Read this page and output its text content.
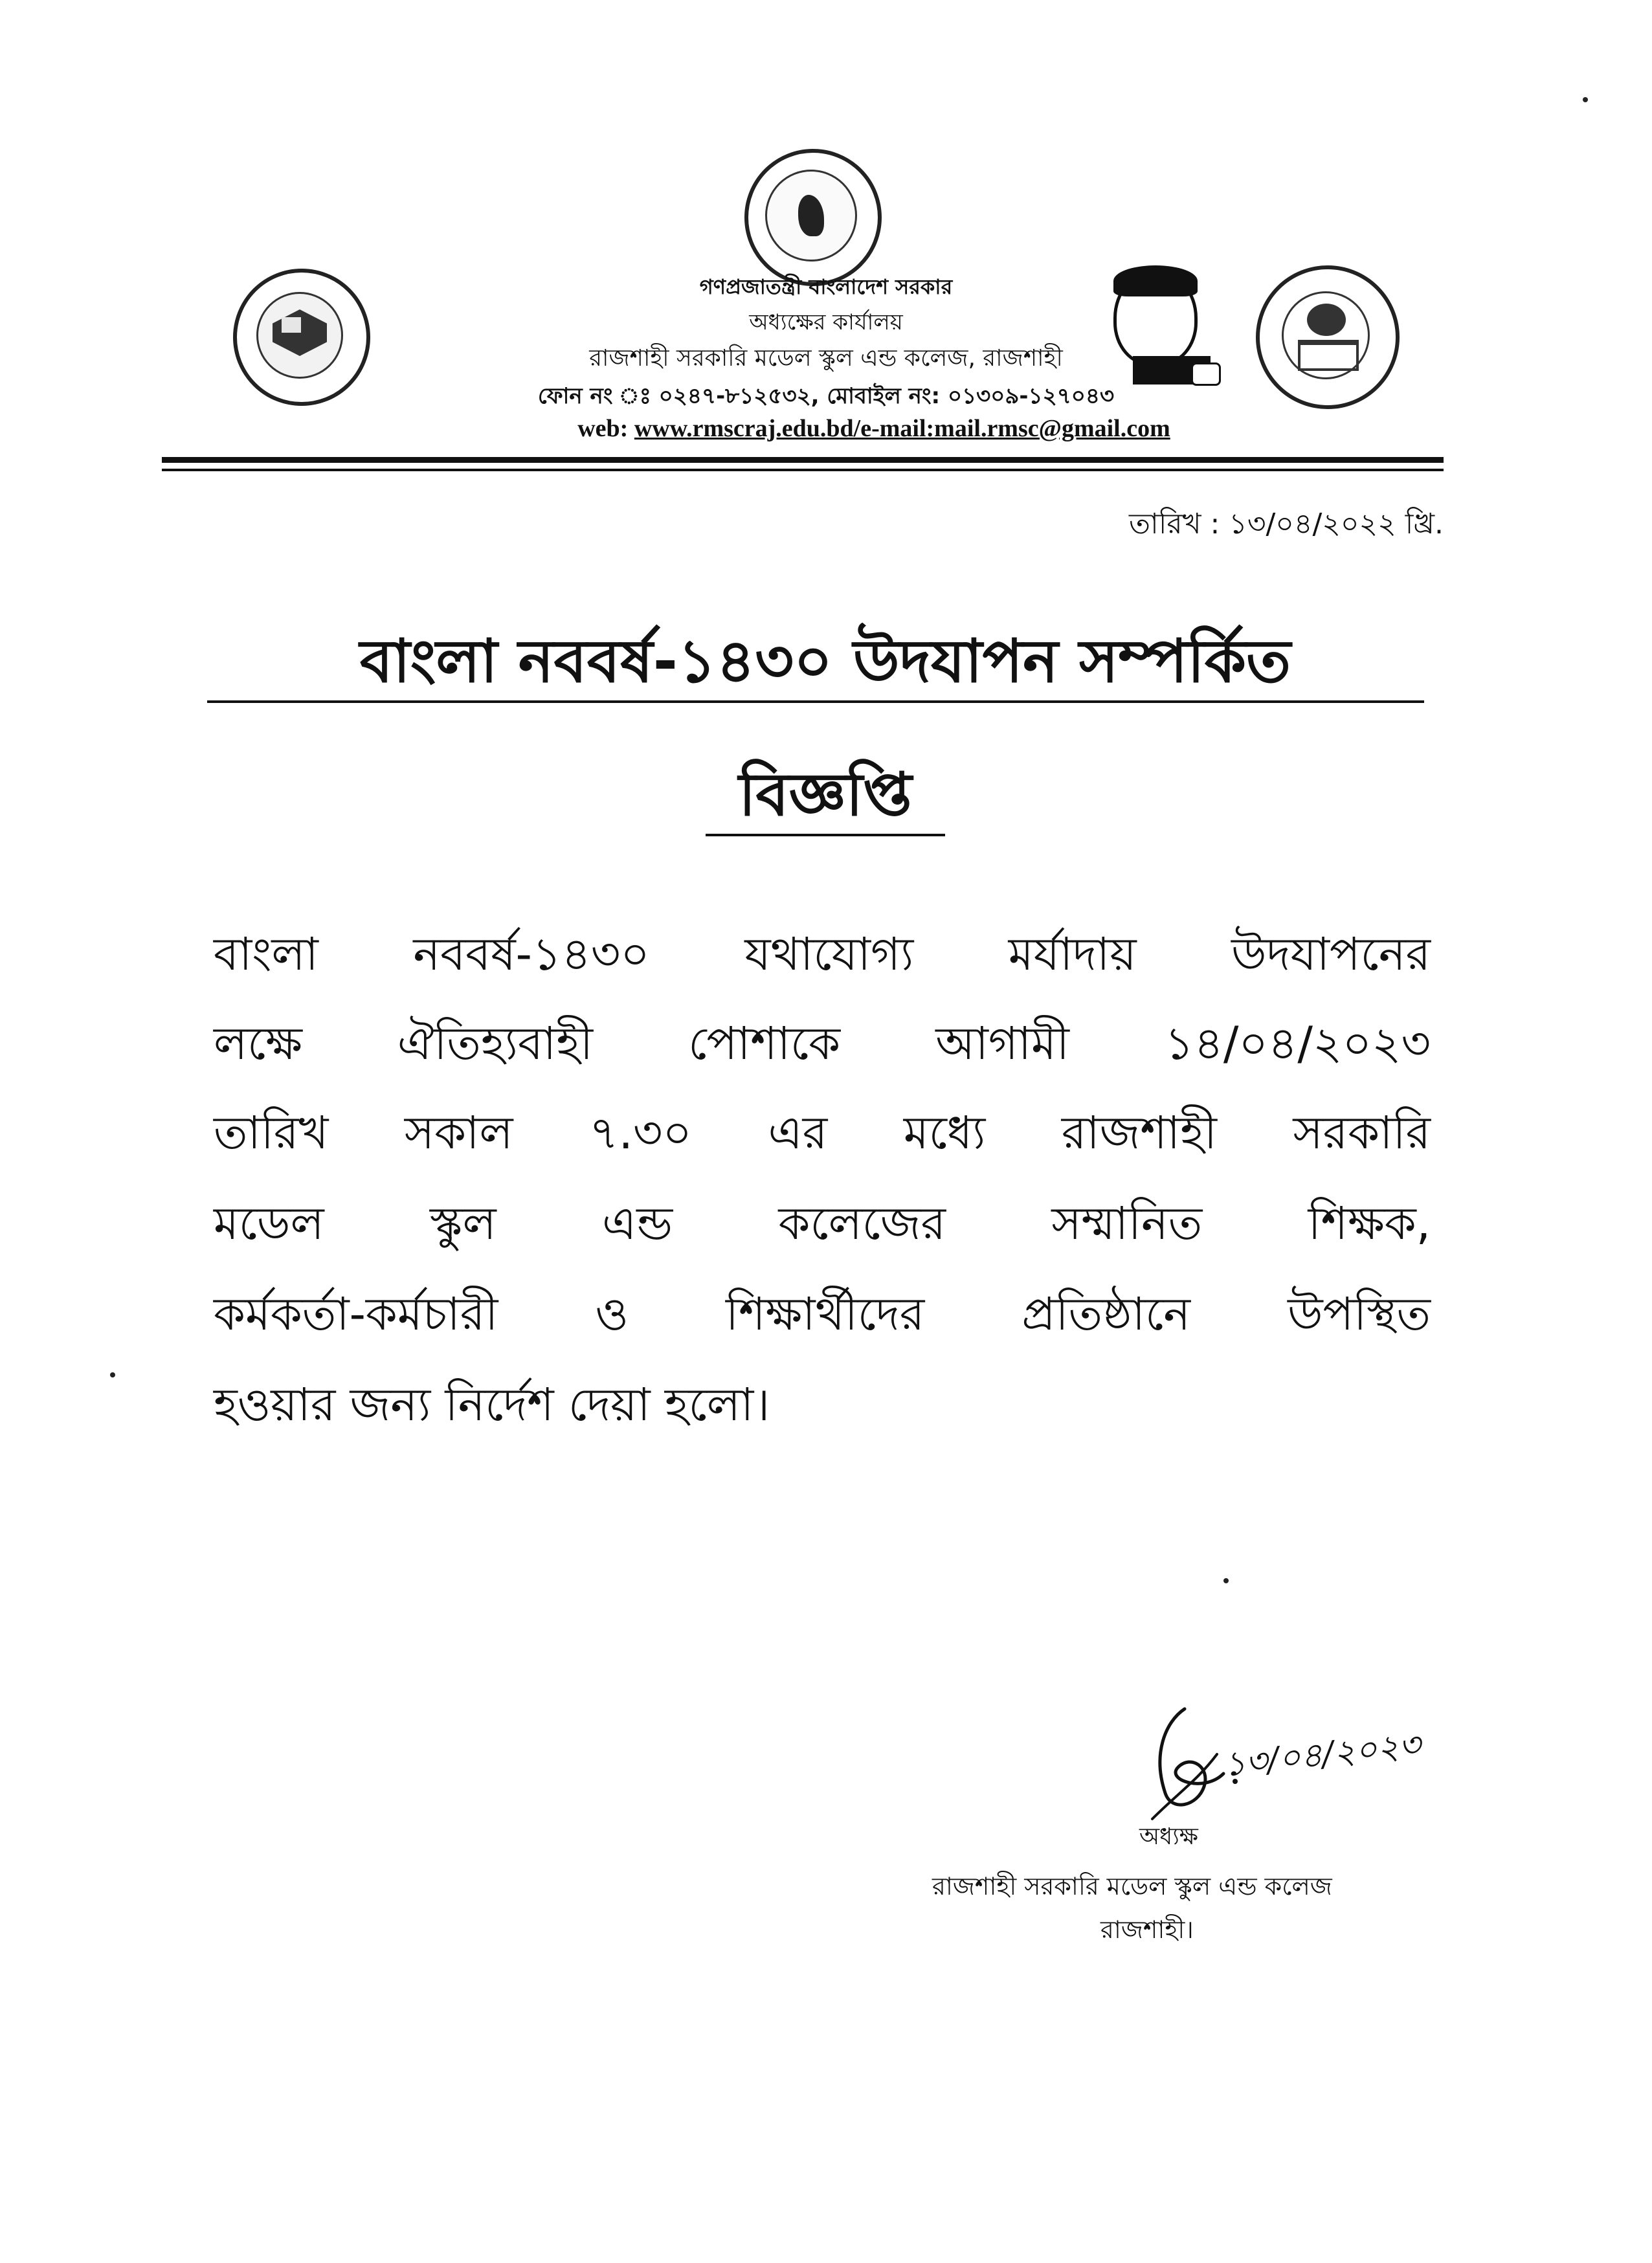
গণপ্রজাতন্ত্রী বাংলাদেশ সরকার
অধ্যক্ষের কার্যালয়
রাজশাহী সরকারি মডেল স্কুল এন্ড কলেজ, রাজশাহী
ফোন নং ঃ ০২৪৭-৮১২৫৩২, মোবাইল নং: ০১৩০৯-১২৭০৪৩
web: www.rmscraj.edu.bd/e-mail:mail.rmsc@gmail.com
তারিখ : ১৩/০৪/২০২২ খ্রি.
বাংলা নববর্ষ-১৪৩০ উদযাপন সম্পর্কিত
বিজ্ঞপ্তি
বাংলা নববর্ষ-১৪৩০ যথাযোগ্য মর্যাদায় উদযাপনের
লক্ষে ঐতিহ্যবাহী পোশাকে আগামী ১৪/০৪/২০২৩
তারিখ সকাল ৭.৩০ এর মধ্যে রাজশাহী সরকারি
মডেল স্কুল এন্ড কলেজের সম্মানিত শিক্ষক,
কর্মকর্তা-কর্মচারী ও শিক্ষার্থীদের প্রতিষ্ঠানে উপস্থিত
হওয়ার জন্য নির্দেশ দেয়া হলো।
১৩/০৪/২০২৩
অধ্যক্ষ
রাজশাহী সরকারি মডেল স্কুল এন্ড কলেজ
রাজশাহী।
